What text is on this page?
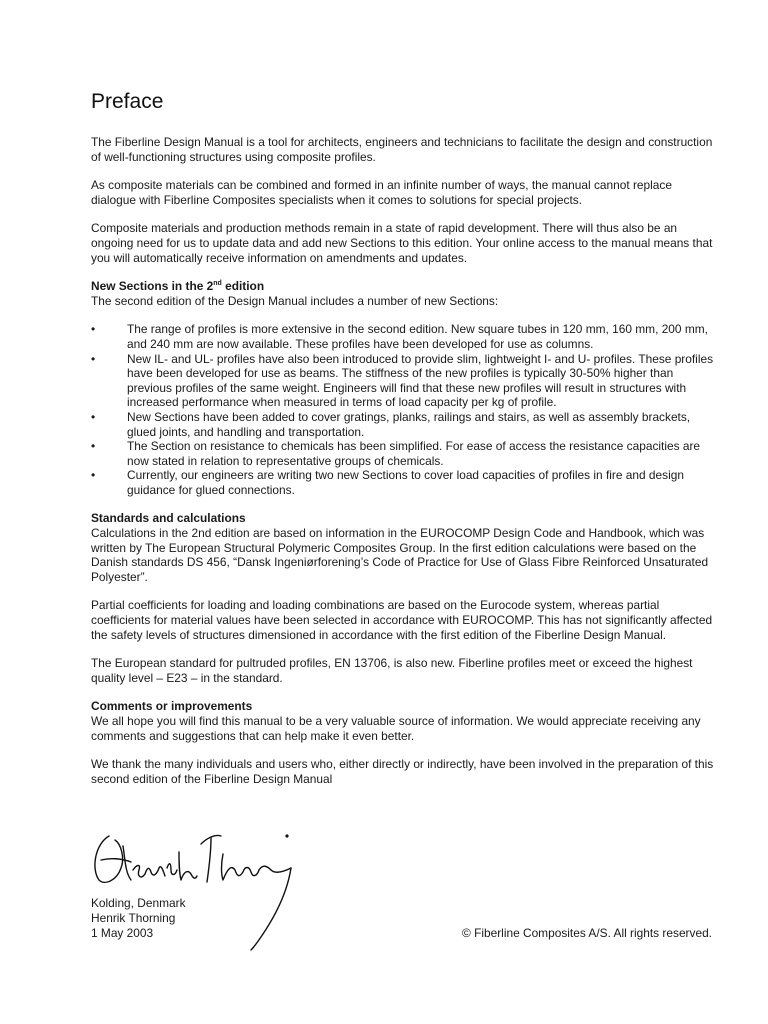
Preface

The Fiberline Design Manual is a tool for architects, engineers and technicians to facilitate the design and construction of well-functioning structures using composite profiles.

As composite materials can be combined and formed in an infinite number of ways, the manual cannot replace dialogue with Fiberline Composites specialists when it comes to solutions for special projects.

Composite materials and production methods remain in a state of rapid development. There will thus also be an ongoing need for us to update data and add new Sections to this edition. Your online access to the manual means that you will automatically receive information on amendments and updates.

New Sections in the 2nd edition

The second edition of the Design Manual includes a number of new Sections:

•	The range of profiles is more extensive in the second edition. New square tubes in 120 mm, 160 mm, 200 mm, and 240 mm are now available. These profiles have been developed for use as columns.
•	New IL- and UL- profiles have also been introduced to provide slim, lightweight I- and U- profiles. These profiles have been developed for use as beams. The stiffness of the new profiles is typically 30-50% higher than previous profiles of the same weight. Engineers will find that these new profiles will result in structures with increased performance when measured in terms of load capacity per kg of profile.
•	New Sections have been added to cover gratings, planks, railings and stairs, as well as assembly brackets, glued joints, and handling and transportation.
•	The Section on resistance to chemicals has been simplified. For ease of access the resistance capacities are now stated in relation to representative groups of chemicals.
•	Currently, our engineers are writing two new Sections to cover load capacities of profiles in fire and design guidance for glued connections.
Standards and calculations

Calculations in the 2nd edition are based on information in the EUROCOMP Design Code and Handbook, which was written by The European Structural Polymeric Composites Group. In the first edition calculations were based on the Danish standards DS 456, “Dansk Ingeniørforening’s Code of Practice for Use of Glass Fibre Reinforced Unsaturated Polyester”.

Partial coefficients for loading and loading combinations are based on the Eurocode system, whereas partial coefficients for material values have been selected in accordance with EUROCOMP. This has not significantly affected the safety levels of structures dimensioned in accordance with the first edition of the Fiberline Design Manual.

The European standard for pultruded profiles, EN 13706, is also new. Fiberline profiles meet or exceed the highest quality level – E23 – in the standard.

Comments or improvements

We all hope you will find this manual to be a very valuable source of information. We would appreciate receiving any comments and suggestions that can help make it even better.

We thank the many individuals and users who, either directly or indirectly, have been involved in the preparation of this second edition of the Fiberline Design Manual

Kolding, Denmark
Henrik Thorning
1 May 2003	© Fiberline Composites A/S. All rights reserved.
